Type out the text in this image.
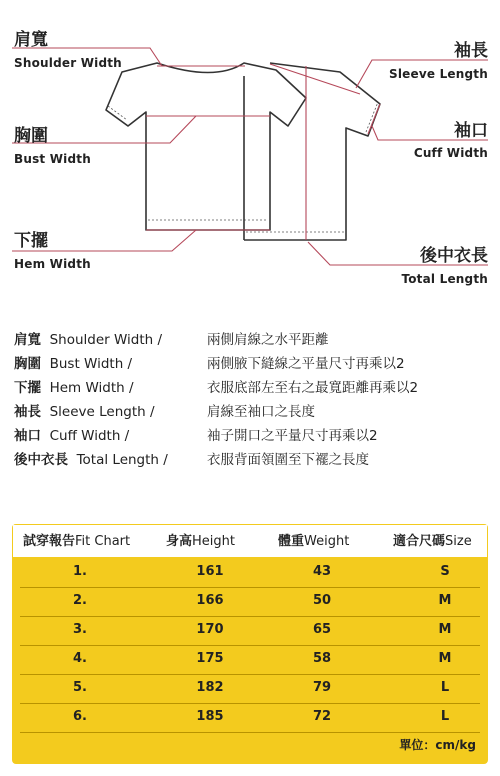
肩寬
Shoulder Width
胸圍
Bust Width
下擺
Hem Width
袖長
Sleeve Length
袖口
Cuff Width
後中衣長
Total Length
肩寬 Shoulder Width /	兩側肩線之水平距離
胸圍 Bust Width /	兩側腋下縫線之平量尺寸再乘以2
下擺 Hem Width /	衣服底部左至右之最寬距離再乘以2
袖長 Sleeve Length /	肩線至袖口之長度
袖口 Cuff Width /	袖子開口之平量尺寸再乘以2
後中衣長 Total Length /	衣服背面領圍至下襬之長度
試穿報告Fit Chart	身高Height	體重Weight	適合尺碼Size
1.	161	43	S
2.	166	50	M
3.	170	65	M
4.	175	58	M
5.	182	79	L
6.	185	72	L
單位：cm/kg
